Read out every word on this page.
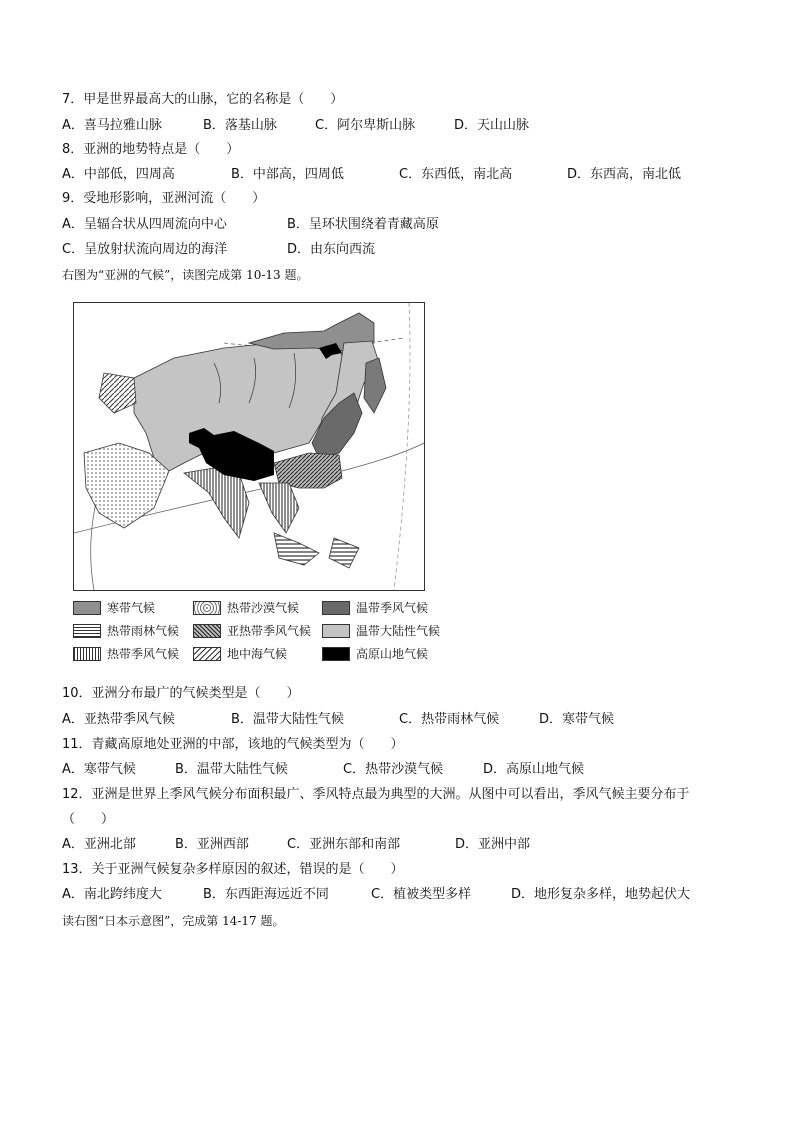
7．甲是世界最高大的山脉，它的名称是（　　）
A．喜马拉雅山脉	B．落基山脉	C．阿尔卑斯山脉	D．天山山脉
8．亚洲的地势特点是（　　）
A．中部低，四周高	B．中部高，四周低	C．东西低，南北高	D．东西高，南北低
9．受地形影响，亚洲河流（　　）
A．呈辐合状从四周流向中心	B．呈环状围绕着青藏高原
C．呈放射状流向周边的海洋	D．由东向西流
右图为“亚洲的气候”，读图完成第 10-13 题。
寒带气候	热带沙漠气候	温带季风气候
热带雨林气候	亚热带季风气候	温带大陆性气候
热带季风气候	地中海气候	高原山地气候
10．亚洲分布最广的气候类型是（　　）
A．亚热带季风气候	B．温带大陆性气候	C．热带雨林气候	D．寒带气候
11．青藏高原地处亚洲的中部，该地的气候类型为（　　）
A．寒带气候	B．温带大陆性气候	C．热带沙漠气候	D．高原山地气候
12．亚洲是世界上季风气候分布面积最广、季风特点最为典型的大洲。从图中可以看出，季风气候主要分布于
（　　）
A．亚洲北部	B．亚洲西部	C．亚洲东部和南部	D．亚洲中部
13．关于亚洲气候复杂多样原因的叙述，错误的是（　　）
A．南北跨纬度大	B．东西距海远近不同	C．植被类型多样	D．地形复杂多样，地势起伏大
读右图“日本示意图”，完成第 14-17 题。
